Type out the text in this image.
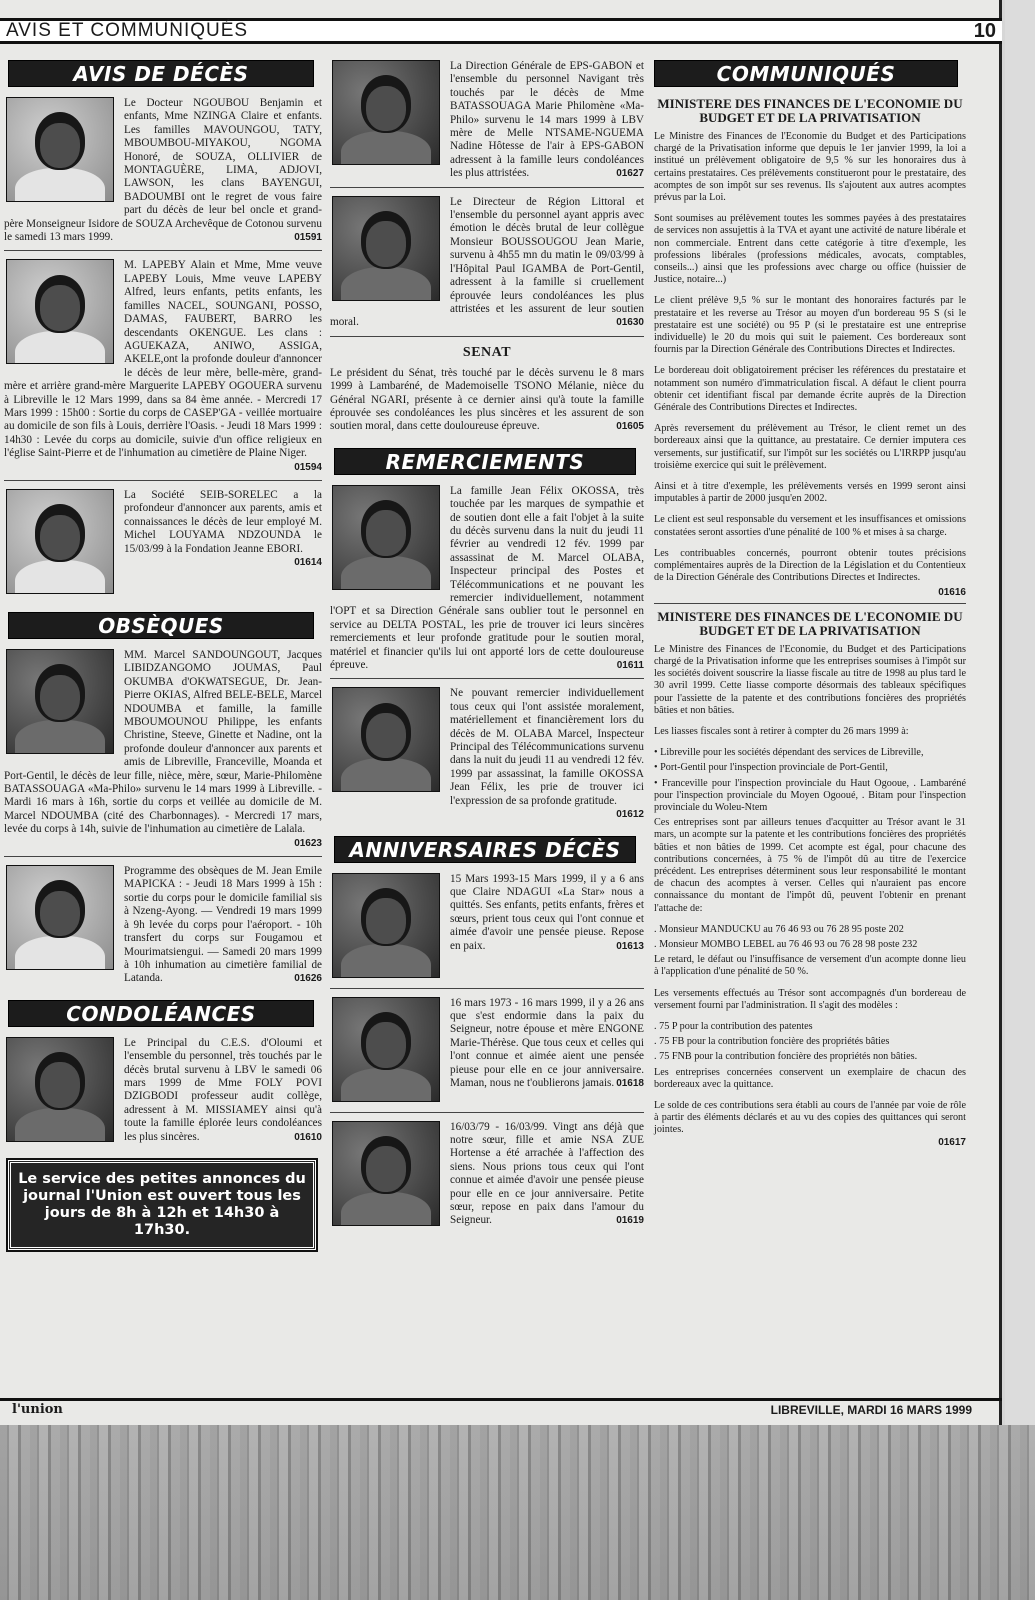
AVIS ET COMMUNIQUÉS	10
AVIS DE DÉCÈS
Le Docteur NGOUBOU Benjamin et enfants, Mme NZINGA Claire et enfants. Les familles MAVOUNGOU, TATY, MBOUMBOU-MIYAKOU, NGOMA Honoré, de SOUZA, OLLIVIER de MONTAGUÈRE, LIMA, ADJOVI, LAWSON, les clans BAYENGUI, BADOUMBI ont le regret de vous faire part du décès de leur bel oncle et grand-père Monseigneur Isidore de SOUZA Archevêque de Cotonou survenu le samedi 13 mars 1999.	01591
M. LAPEBY Alain et Mme, Mme veuve LAPEBY Louis, Mme veuve LAPEBY Alfred, leurs enfants, petits enfants, les familles NACEL, SOUNGANI, POSSO, DAMAS, FAUBERT, BARRO les descendants OKENGUE. Les clans : AGUEKAZA, ANIWO, ASSIGA, AKELE,ont la profonde douleur d'annoncer le décès de leur mère, belle-mère, grand-mère et arrière grand-mère Marguerite LAPEBY OGOUERA survenu à Libreville le 12 Mars 1999, dans sa 84 ème année. - Mercredi 17 Mars 1999 : 15h00 : Sortie du corps de CASEP'GA - veillée mortuaire au domicile de son fils à Louis, derrière l'Oasis. - Jeudi 18 Mars 1999 : 14h30 : Levée du corps au domicile, suivie d'un office religieux en l'église Saint-Pierre et de l'inhumation au cimetière de Plaine Niger.
01594
La Société SEIB-SORELEC a la profondeur d'annoncer aux parents, amis et connaissances le décès de leur employé M. Michel LOUYAMA NDZOUNDA le 15/03/99 à la Fondation Jeanne EBORI.
01614
OBSÈQUES
MM. Marcel SANDOUNGOUT, Jacques LIBIDZANGOMO JOUMAS, Paul OKUMBA d'OKWATSEGUE, Dr. Jean-Pierre OKIAS, Alfred BELE-BELE, Marcel NDOUMBA et famille, la famille MBOUMOUNOU Philippe, les enfants Christine, Steeve, Ginette et Nadine, ont la profonde douleur d'annoncer aux parents et amis de Libreville, Franceville, Moanda et Port-Gentil, le décès de leur fille, nièce, mère, sœur, Marie-Philomène BATASSOUAGA «Ma-Philo» survenu le 14 mars 1999 à Libreville. - Mardi 16 mars à 16h, sortie du corps et veillée au domicile de M. Marcel NDOUMBA (cité des Charbonnages). - Mercredi 17 mars, levée du corps à 14h, suivie de l'inhumation au cimetière de Lalala.
01623
Programme des obsèques de M. Jean Emile MAPICKA : - Jeudi 18 Mars 1999 à 15h : sortie du corps pour le domicile familial sis à Nzeng-Ayong. — Vendredi 19 mars 1999 à 9h levée du corps pour l'aéroport. - 10h transfert du corps sur Fougamou et Mourimatsiengui. — Samedi 20 mars 1999 à 10h inhumation au cimetière familial de Latanda.	01626
CONDOLÉANCES
Le Principal du C.E.S. d'Oloumi et l'ensemble du personnel, très touchés par le décès brutal survenu à LBV le samedi 06 mars 1999 de Mme FOLY POVI DZIGBODI professeur audit collège, adressent à M. MISSIAMEY ainsi qu'à toute la famille éplorée leurs condoléances les plus sincères.	01610
Le service des petites annonces du journal l'Union est ouvert tous les jours de 8h à 12h et 14h30 à 17h30.
La Direction Générale de EPS-GABON et l'ensemble du personnel Navigant très touchés par le décès de Mme BATASSOUAGA Marie Philomène «Ma-Philo» survenu le 14 mars 1999 à LBV mère de Melle NTSAME-NGUEMA Nadine Hôtesse de l'air à EPS-GABON adressent à la famille leurs condoléances les plus attristées.	01627
Le Directeur de Région Littoral et l'ensemble du personnel ayant appris avec émotion le décès brutal de leur collègue Monsieur BOUSSOUGOU Jean Marie, survenu à 4h55 mn du matin le 09/03/99 à l'Hôpital Paul IGAMBA de Port-Gentil, adressent à la famille si cruellement éprouvée leurs condoléances les plus attristées et les assurent de leur soutien moral.	01630
SENAT
Le président du Sénat, très touché par le décès survenu le 8 mars 1999 à Lambaréné, de Mademoiselle TSONO Mélanie, nièce du Général NGARI, présente à ce dernier ainsi qu'à toute la famille éprouvée ses condoléances les plus sincères et les assurent de son soutien moral, dans cette douloureuse épreuve.	01605
REMERCIEMENTS
La famille Jean Félix OKOSSA, très touchée par les marques de sympathie et de soutien dont elle a fait l'objet à la suite du décès survenu dans la nuit du jeudi 11 février au vendredi 12 fév. 1999 par assassinat de M. Marcel OLABA, Inspecteur principal des Postes et Télécommunications et ne pouvant les remercier individuellement, notamment l'OPT et sa Direction Générale sans oublier tout le personnel en service au DELTA POSTAL, les prie de trouver ici leurs sincères remerciements et leur profonde gratitude pour le soutien moral, matériel et financier qu'ils lui ont apporté lors de cette douloureuse épreuve.	01611
Ne pouvant remercier individuellement tous ceux qui l'ont assistée moralement, matériellement et financièrement lors du décès de M. OLABA Marcel, Inspecteur Principal des Télécommunications survenu dans la nuit du jeudi 11 au vendredi 12 fév. 1999 par assassinat, la famille OKOSSA Jean Félix, les prie de trouver ici l'expression de sa profonde gratitude.
01612
ANNIVERSAIRES DÉCÈS
15 Mars 1993-15 Mars 1999, il y a 6 ans que Claire NDAGUI «La Star» nous a quittés. Ses enfants, petits enfants, frères et sœurs, prient tous ceux qui l'ont connue et aimée d'avoir une pensée pieuse. Repose en paix.	01613
16 mars 1973 - 16 mars 1999, il y a 26 ans que s'est endormie dans la paix du Seigneur, notre épouse et mère ENGONE Marie-Thérèse. Que tous ceux et celles qui l'ont connue et aimée aient une pensée pieuse pour elle en ce jour anniversaire. Maman, nous ne t'oublierons jamais. 01618
16/03/79 - 16/03/99. Vingt ans déjà que notre sœur, fille et amie NSA ZUE Hortense a été arrachée à l'affection des siens. Nous prions tous ceux qui l'ont connue et aimée d'avoir une pensée pieuse pour elle en ce jour anniversaire. Petite sœur, repose en paix dans l'amour du Seigneur.	01619
COMMUNIQUÉS
MINISTERE DES FINANCES DE L'ECONOMIE DU BUDGET ET DE LA PRIVATISATION
Le Ministre des Finances de l'Economie du Budget et des Participations chargé de la Privatisation informe que depuis le 1er janvier 1999, la loi a institué un prélèvement obligatoire de 9,5 % sur les honoraires dus à certains prestataires. Ces prélèvements constitueront pour le prestataire, des acomptes de son impôt sur ses revenus. Ils s'ajoutent aux autres acomptes prévus par la Loi.
Sont soumises au prélèvement toutes les sommes payées à des prestataires de services non assujettis à la TVA et ayant une activité de nature libérale et non commerciale. Entrent dans cette catégorie à titre d'exemple, les professions libérales (professions médicales, avocats, comptables, conseils...) ainsi que les professions avec charge ou office (huissier de Justice, notaire...)
Le client prélève 9,5 % sur le montant des honoraires facturés par le prestataire et les reverse au Trésor au moyen d'un bordereau 95 S (si le prestataire est une société) ou 95 P (si le prestataire est une entreprise individuelle) le 20 du mois qui suit le paiement. Ces bordereaux sont fournis par la Direction Générale des Contributions Directes et Indirectes.
Le bordereau doit obligatoirement préciser les références du prestataire et notamment son numéro d'immatriculation fiscal. A défaut le client pourra obtenir cet identifiant fiscal par demande écrite auprès de la Direction Générale des Contributions Directes et Indirectes.
Après reversement du prélèvement au Trésor, le client remet un des bordereaux ainsi que la quittance, au prestataire. Ce dernier imputera ces versements, sur justificatif, sur l'impôt sur les sociétés ou L'IRRPP jusqu'au troisième exercice qui suit le prélèvement.
Ainsi et à titre d'exemple, les prélèvements versés en 1999 seront ainsi imputables à partir de 2000 jusqu'en 2002.
Le client est seul responsable du versement et les insuffisances et omissions constatées seront assorties d'une pénalité de 100 % et mises à sa charge.
Les contribuables concernés, pourront obtenir toutes précisions complémentaires auprès de la Direction de la Législation et du Contentieux de la Direction Générale des Contributions Directes et Indirectes.
01616
MINISTERE DES FINANCES DE L'ECONOMIE DU BUDGET ET DE LA PRIVATISATION
Le Ministre des Finances de l'Economie, du Budget et des Participations chargé de la Privatisation informe que les entreprises soumises à l'impôt sur les sociétés doivent souscrire la liasse fiscale au titre de 1998 au plus tard le 30 avril 1999. Cette liasse comporte désormais des tableaux spécifiques pour l'assiette de la patente et des contributions foncières des propriétés bâties et non bâties.
Les liasses fiscales sont à retirer à compter du 26 mars 1999 à:
• Libreville pour les sociétés dépendant des services de Libreville,
• Port-Gentil pour l'inspection provinciale de Port-Gentil,
• Franceville pour l'inspection provinciale du Haut Ogooue, . Lambaréné pour l'inspection provinciale du Moyen Ogooué, . Bitam pour l'inspection provinciale du Woleu-Ntem
Ces entreprises sont par ailleurs tenues d'acquitter au Trésor avant le 31 mars, un acompte sur la patente et les contributions foncières des propriétés bâties et non bâties de 1999. Cet acompte est égal, pour chacune des contributions concernées, à 75 % de l'impôt dû au titre de l'exercice précédent. Les entreprises déterminent sous leur responsabilité le montant de chacun des acomptes à verser. Celles qui n'auraient pas encore connaissance du montant de l'impôt dû, peuvent l'obtenir en prenant l'attache de:
. Monsieur MANDUCKU au 76 46 93 ou 76 28 95 poste 202
. Monsieur MOMBO LEBEL au 76 46 93 ou 76 28 98 poste 232
Le retard, le défaut ou l'insuffisance de versement d'un acompte donne lieu à l'application d'une pénalité de 50 %.
Les versements effectués au Trésor sont accompagnés d'un bordereau de versement fourni par l'administration. Il s'agit des modèles :
. 75 P pour la contribution des patentes
. 75 FB pour la contribution foncière des propriétés bâties
. 75 FNB pour la contribution foncière des propriétés non bâties.
Les entreprises concernées conservent un exemplaire de chacun des bordereaux avec la quittance.
Le solde de ces contributions sera établi au cours de l'année par voie de rôle à partir des éléments déclarés et au vu des copies des quittances qui seront jointes.
01617
l'union	LIBREVILLE, MARDI 16 MARS 1999
